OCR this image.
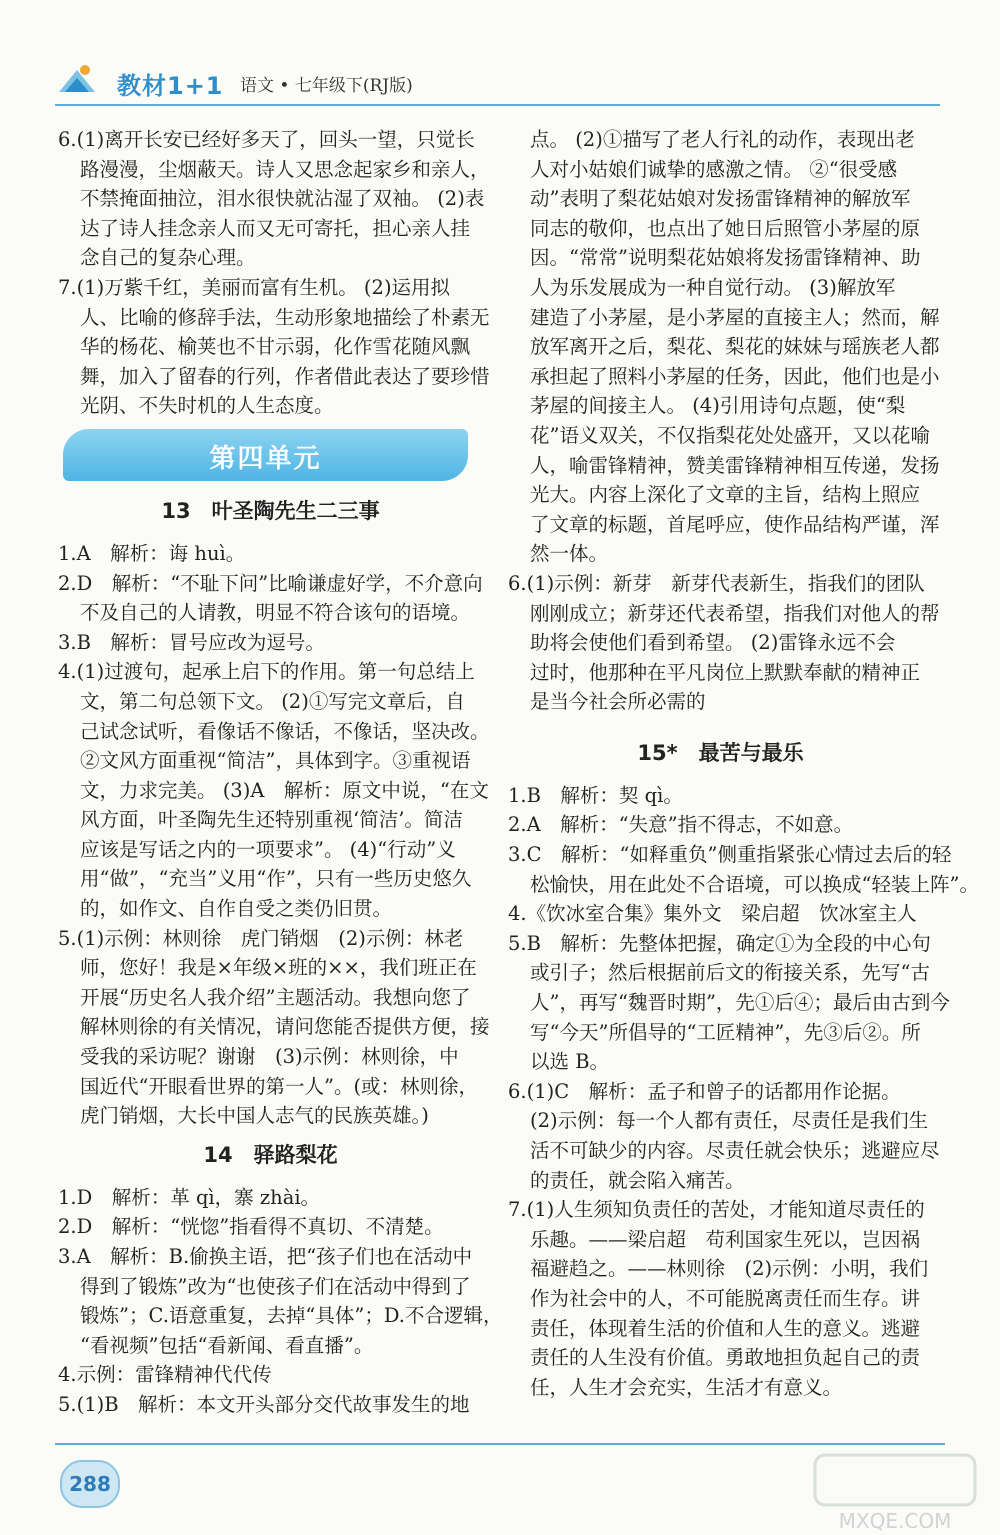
教材1+1 语文 • 七年级下(RJ版)
6.(1)离开长安已经好多天了，回头一望，只觉长
路漫漫，尘烟蔽天。诗人又思念起家乡和亲人，
不禁掩面抽泣，泪水很快就沾湿了双袖。 (2)表
达了诗人挂念亲人而又无可寄托，担心亲人挂
念自己的复杂心理。
7.(1)万紫千红，美丽而富有生机。 (2)运用拟
人、比喻的修辞手法，生动形象地描绘了朴素无
华的杨花、榆荚也不甘示弱，化作雪花随风飘
舞，加入了留春的行列，作者借此表达了要珍惜
光阴、不失时机的人生态度。
第四单元
13　叶圣陶先生二三事
1.A　解析：诲 huì。
2.D　解析：“不耻下问”比喻谦虚好学，不介意向
不及自己的人请教，明显不符合该句的语境。
3.B　解析：冒号应改为逗号。
4.(1)过渡句，起承上启下的作用。第一句总结上
文，第二句总领下文。 (2)①写完文章后，自
己试念试听，看像话不像话，不像话，坚决改。
②文风方面重视“简洁”，具体到字。③重视语
文，力求完美。 (3)A　解析：原文中说，“在文
风方面，叶圣陶先生还特别重视‘简洁’。简洁
应该是写话之内的一项要求”。 (4)“行动”义
用“做”，“充当”义用“作”，只有一些历史悠久
的，如作文、自作自受之类仍旧贯。
5.(1)示例：林则徐　虎门销烟　(2)示例：林老
师，您好！我是×年级×班的××，我们班正在
开展“历史名人我介绍”主题活动。我想向您了
解林则徐的有关情况，请问您能否提供方便，接
受我的采访呢？谢谢　(3)示例：林则徐，中
国近代“开眼看世界的第一人”。(或：林则徐，
虎门销烟，大长中国人志气的民族英雄。)
14　驿路梨花
1.D　解析：革 qì，寨 zhài。
2.D　解析：“恍惚”指看得不真切、不清楚。
3.A　解析：B.偷换主语，把“孩子们也在活动中
得到了锻炼”改为“也使孩子们在活动中得到了
锻炼”；C.语意重复，去掉“具体”；D.不合逻辑，
“看视频”包括“看新闻、看直播”。
4.示例：雷锋精神代代传
5.(1)B　解析：本文开头部分交代故事发生的地
点。 (2)①描写了老人行礼的动作，表现出老
人对小姑娘们诚挚的感激之情。 ②“很受感
动”表明了梨花姑娘对发扬雷锋精神的解放军
同志的敬仰，也点出了她日后照管小茅屋的原
因。“常常”说明梨花姑娘将发扬雷锋精神、助
人为乐发展成为一种自觉行动。 (3)解放军
建造了小茅屋，是小茅屋的直接主人；然而，解
放军离开之后，梨花、梨花的妹妹与瑶族老人都
承担起了照料小茅屋的任务，因此，他们也是小
茅屋的间接主人。 (4)引用诗句点题，使“梨
花”语义双关，不仅指梨花处处盛开，又以花喻
人，喻雷锋精神，赞美雷锋精神相互传递，发扬
光大。内容上深化了文章的主旨，结构上照应
了文章的标题，首尾呼应，使作品结构严谨，浑
然一体。
6.(1)示例：新芽　新芽代表新生，指我们的团队
刚刚成立；新芽还代表希望，指我们对他人的帮
助将会使他们看到希望。 (2)雷锋永远不会
过时，他那种在平凡岗位上默默奉献的精神正
是当今社会所必需的
15*　最苦与最乐
1.B　解析：契 qì。
2.A　解析：“失意”指不得志，不如意。
3.C　解析：“如释重负”侧重指紧张心情过去后的轻
松愉快，用在此处不合语境，可以换成“轻装上阵”。
4.《饮冰室合集》集外文　梁启超　饮冰室主人
5.B　解析：先整体把握，确定①为全段的中心句
或引子；然后根据前后文的衔接关系，先写“古
人”，再写“魏晋时期”，先①后④；最后由古到今
写“今天”所倡导的“工匠精神”，先③后②。所
以选 B。
6.(1)C　解析：孟子和曾子的话都用作论据。
(2)示例：每一个人都有责任，尽责任是我们生
活不可缺少的内容。尽责任就会快乐；逃避应尽
的责任，就会陷入痛苦。
7.(1)人生须知负责任的苦处，才能知道尽责任的
乐趣。——梁启超　苟利国家生死以，岂因祸
福避趋之。——林则徐　(2)示例：小明，我们
作为社会中的人，不可能脱离责任而生存。讲
责任，体现着生活的价值和人生的意义。逃避
责任的人生没有价值。勇敢地担负起自己的责
任，人生才会充实，生活才有意义。
288
MXQE.COM
